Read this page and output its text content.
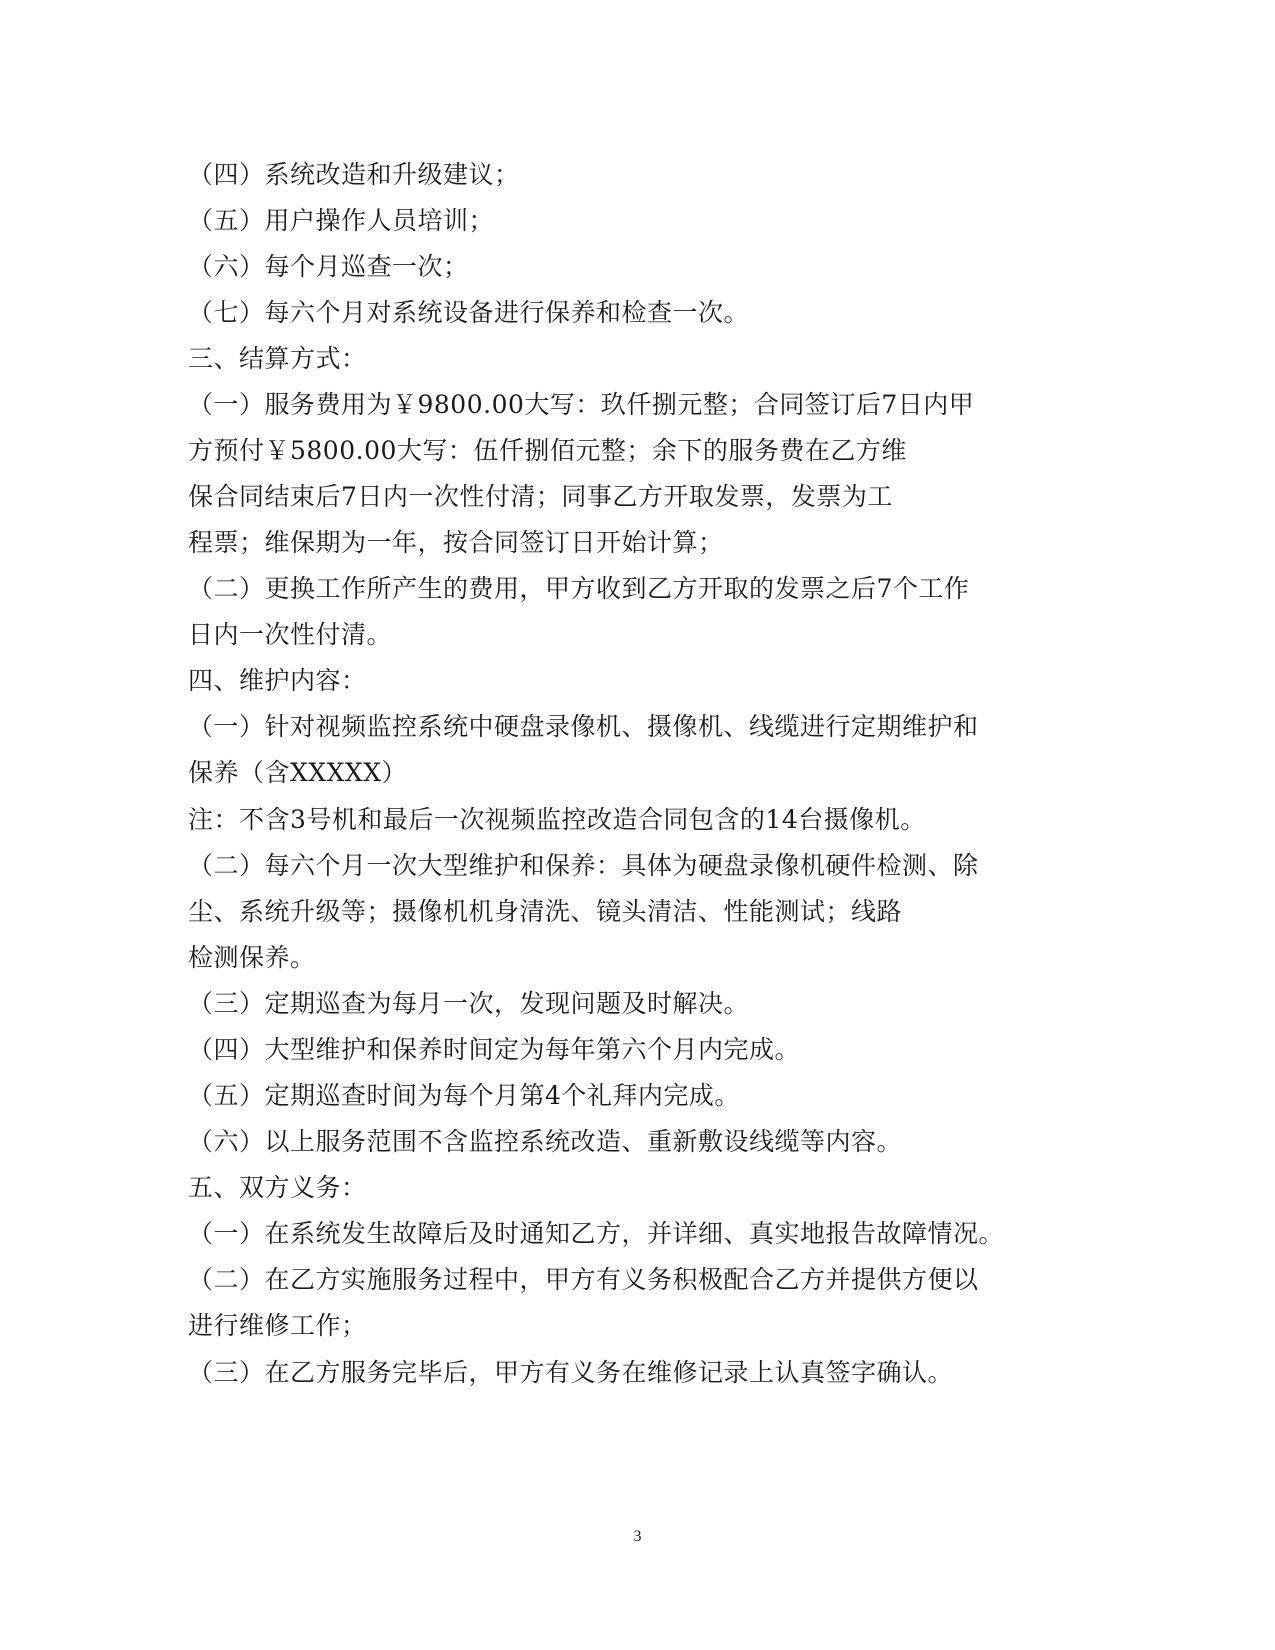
（四）系统改造和升级建议；
（五）用户操作人员培训；
（六）每个月巡查一次；
（七）每六个月对系统设备进行保养和检查一次。
三、结算方式：
（一）服务费用为￥9800.00大写：玖仟捌元整；合同签订后7日内甲
方预付￥5800.00大写：伍仟捌佰元整；余下的服务费在乙方维
保合同结束后7日内一次性付清；同事乙方开取发票，发票为工
程票；维保期为一年，按合同签订日开始计算；
（二）更换工作所产生的费用，甲方收到乙方开取的发票之后7个工作
日内一次性付清。
四、维护内容：
（一）针对视频监控系统中硬盘录像机、摄像机、线缆进行定期维护和
保养（含XXXXX）
注：不含3号机和最后一次视频监控改造合同包含的14台摄像机。
（二）每六个月一次大型维护和保养：具体为硬盘录像机硬件检测、除
尘、系统升级等；摄像机机身清洗、镜头清洁、性能测试；线路
检测保养。
（三）定期巡查为每月一次，发现问题及时解决。
（四）大型维护和保养时间定为每年第六个月内完成。
（五）定期巡查时间为每个月第4个礼拜内完成。
（六）以上服务范围不含监控系统改造、重新敷设线缆等内容。
五、双方义务：
（一）在系统发生故障后及时通知乙方，并详细、真实地报告故障情况。
（二）在乙方实施服务过程中，甲方有义务积极配合乙方并提供方便以
进行维修工作；
（三）在乙方服务完毕后，甲方有义务在维修记录上认真签字确认。
3
